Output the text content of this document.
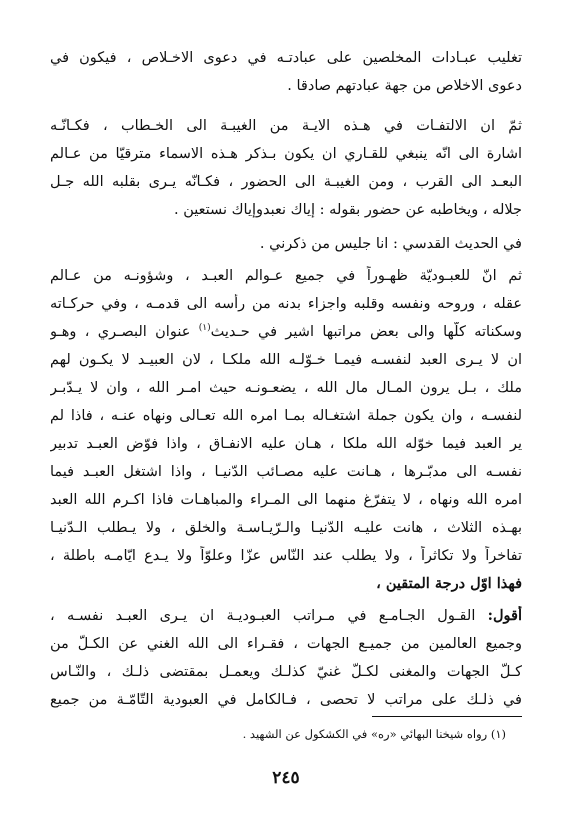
تغليب عبـادات المخلصين على عبادتـه في دعوى الاخـلاص ، فيكون في
دعوى الاخلاص من جهة عبادتهم صادقا .
ثمّ ان الالتفـات في هـذه الايـة من الغيبـة الى الخـطاب ، فكـانّـه
اشارة الى انّه ينبغي للقـاري ان يكون بـذكر هـذه الاسماء مترقيّا من عـالم
البعـد الى القرب ، ومن الغيبـة الى الحضور ، فكـانّه يـرى بقلبه الله جـل
جلاله ، ويخاطبه عن حضور بقوله : إياك نعبدوإياك نستعين .
في الحديث القدسي : انا جليس من ذكرني .
ثم انّ للعبـوديّة ظهـوراً في جميع عـوالم العبـد ، وشؤونـه من عـالم
عقله ، وروحه ونفسه وقلبه واجزاء بدنه من رأسه الى قدمـه ، وفي حركـاته
وسكناته كلّها والى بعض مراتبها اشير في حـديث$^{(١)}$ عنوان البصـري ، وهـو
ان لا يـرى العبد لنفسـه فيمـا خـوّلـه الله ملكـا ، لان العبيـد لا يكـون لهم
ملك ، بـل يرون المـال مال الله ، يضعـونـه حيث امـر الله ، وان لا يـدّبـر
لنفسـه ، وان يكون جملة اشتغـاله بمـا امره الله تعـالى ونهاه عنـه ، فاذا لم
ير العبد فيما خوّله الله ملكا ، هـان عليه الانفـاق ، واذا فوّض العبـد تدبير
نفسـه الى مدبّـرها ، هـانت عليه مصـائب الدّنيـا ، واذا اشتغل العبـد فيما
امره الله ونهاه ، لا يتفرّغ منهما الى المـراء والمباهـات فاذا اكـرم الله العبد
بهـذه الثلاث ، هانت عليـه الدّنيـا والـرّيـاسـة والخلق ، ولا يـطلب الـدّنيـا
تفاخراً ولا تكاثراً ، ولا يطلب عند النّاس عزّا وعلوّاً ولا يـدع ايّامـه باطلة ،
فهذا اوّل درجة المتقين ،
أقول: القـول الجـامـع في مـراتب العبـوديـة ان يـرى العبـد نفسـه ،
وجميع العالمين من جميـع الجهات ، فقـراء الى الله الغني عن الكـلّ من
كـلّ الجهات والمغنى لكـلّ غنيّ كذلـك ويعمـل بمقتضى ذلـك ، والنّـاس
في ذلـك على مراتب لا تحصى ، فـالكامل في العبودية التّامّـة من جميع
(١) رواه شيخنا البهائي «ره» في الكشكول عن الشهيد .
٢٤٥
